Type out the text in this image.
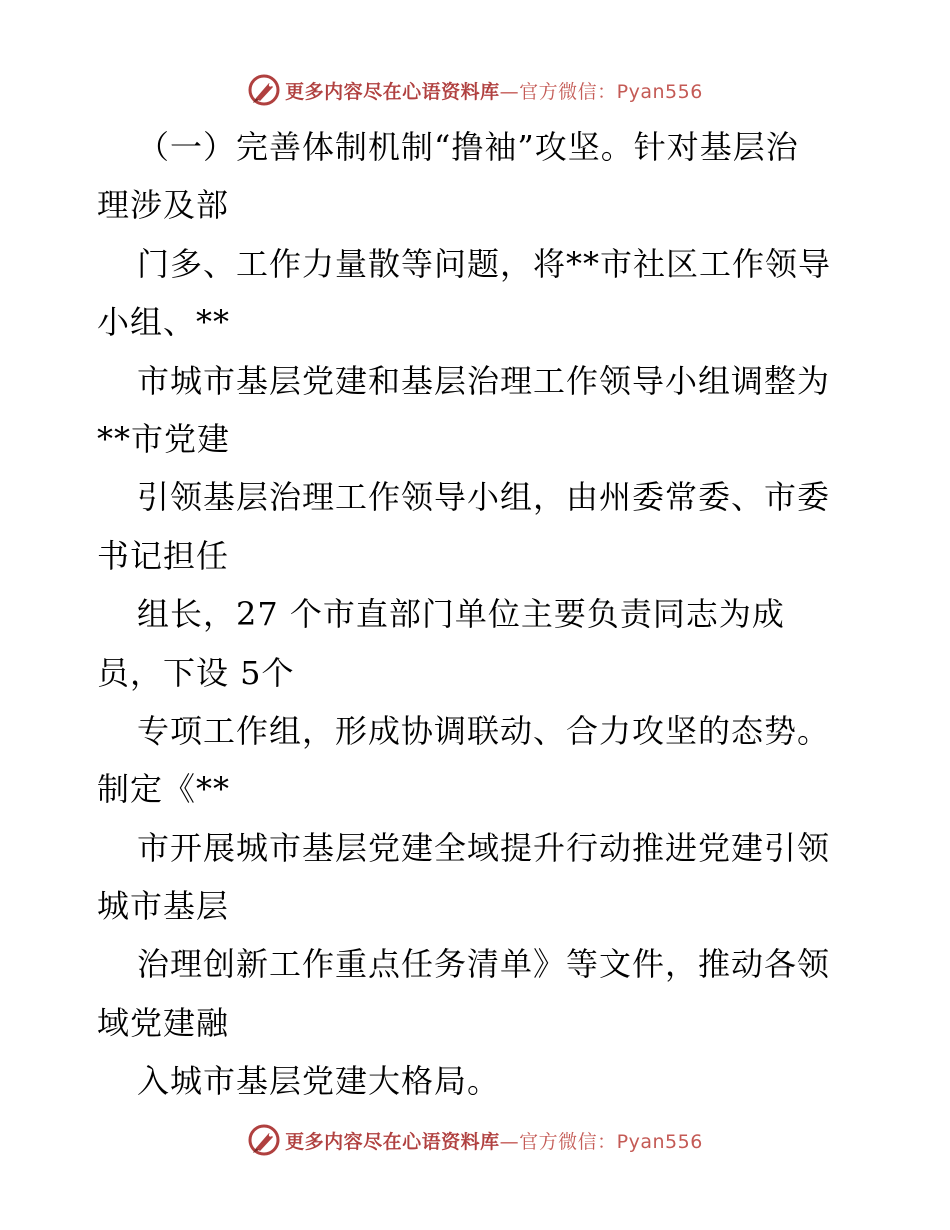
更多内容尽在心语资料库—官方微信：Pyan556
（一）完善体制机制“撸袖”攻坚。针对基层治
理涉及部
门多、工作力量散等问题，将**市社区工作领导
小组、**
市城市基层党建和基层治理工作领导小组调整为
**市党建
引领基层治理工作领导小组，由州委常委、市委
书记担任
组长，27 个市直部门单位主要负责同志为成
员，下设 5个
专项工作组，形成协调联动、合力攻坚的态势。
制定《**
市开展城市基层党建全域提升行动推进党建引领
城市基层
治理创新工作重点任务清单》等文件，推动各领
域党建融
入城市基层党建大格局。
更多内容尽在心语资料库—官方微信：Pyan556
